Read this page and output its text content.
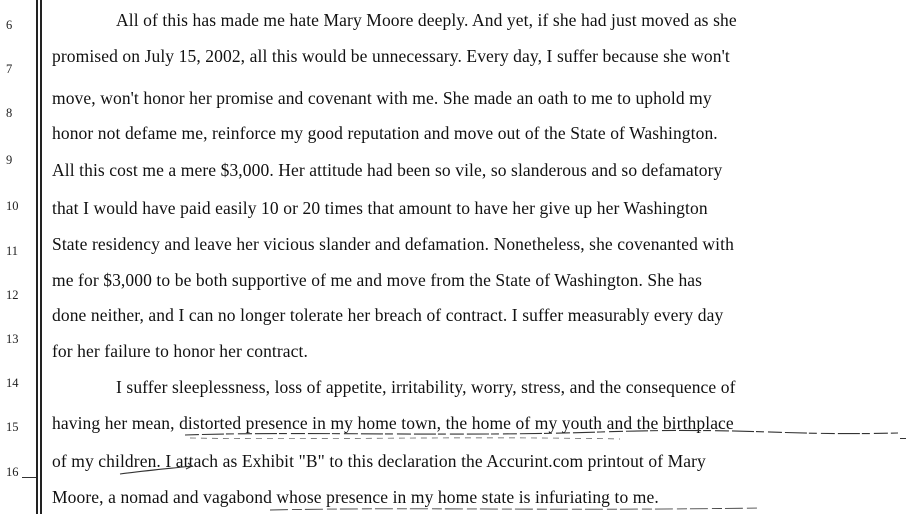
6
7
8
9
10
11
12
13
14
15
16
All of this has made me hate Mary Moore deeply. And yet, if she had just moved as she
promised on July 15, 2002, all this would be unnecessary. Every day, I suffer because she won't
move, won't honor her promise and covenant with me. She made an oath to me to uphold my
honor not defame me, reinforce my good reputation and move out of the State of Washington.
All this cost me a mere $3,000. Her attitude had been so vile, so slanderous and so defamatory
that I would have paid easily 10 or 20 times that amount to have her give up her Washington
State residency and leave her vicious slander and defamation. Nonetheless, she covenanted with
me for $3,000 to be both supportive of me and move from the State of Washington. She has
done neither, and I can no longer tolerate her breach of contract. I suffer measurably every day
for her failure to honor her contract.
I suffer sleeplessness, loss of appetite, irritability, worry, stress, and the consequence of
having her mean, distorted presence in my home town, the home of my youth and the birthplace
of my children. I attach as Exhibit "B" to this declaration the Accurint.com printout of Mary
Moore, a nomad and vagabond whose presence in my home state is infuriating to me.
